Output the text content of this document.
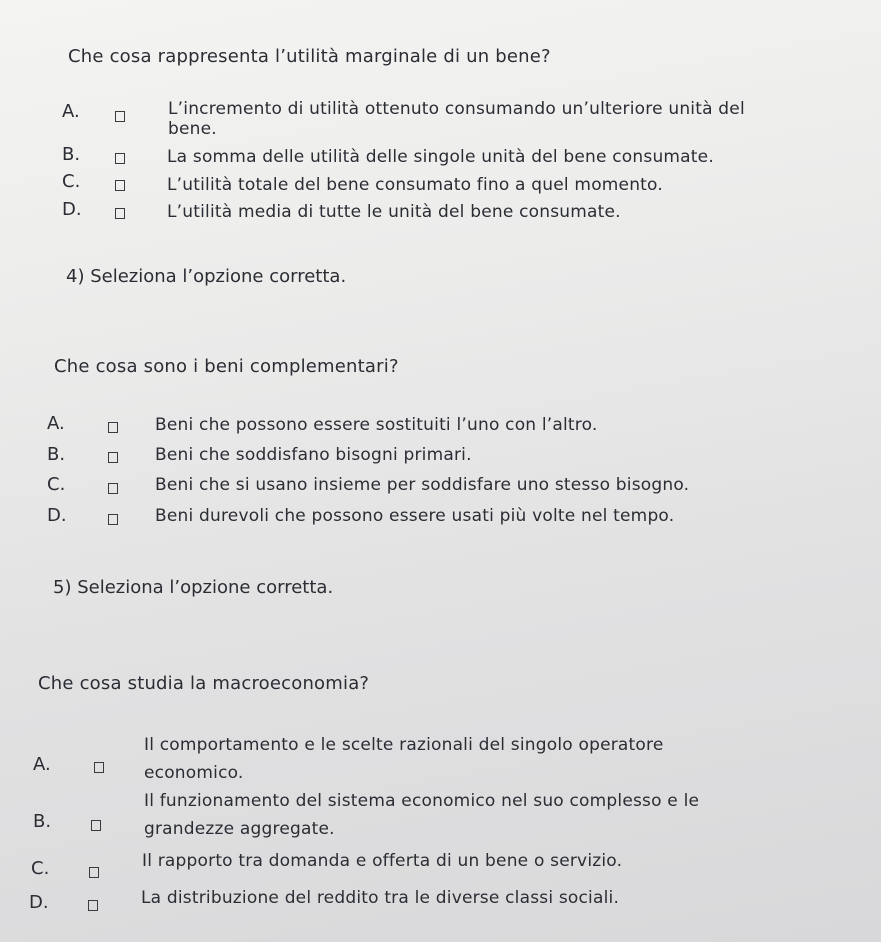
Che cosa rappresenta l’utilità marginale di un bene?
A.	L’incremento di utilità ottenuto consumando un’ulteriore unità del
bene.
B.	La somma delle utilità delle singole unità del bene consumate.
C.	L’utilità totale del bene consumato fino a quel momento.
D.	L’utilità media di tutte le unità del bene consumate.
4) Seleziona l’opzione corretta.
Che cosa sono i beni complementari?
A.	Beni che possono essere sostituiti l’uno con l’altro.
B.	Beni che soddisfano bisogni primari.
C.	Beni che si usano insieme per soddisfare uno stesso bisogno.
D.	Beni durevoli che possono essere usati più volte nel tempo.
5) Seleziona l’opzione corretta.
Che cosa studia la macroeconomia?
A.
Il comportamento e le scelte razionali del singolo operatore
economico.
B.
Il funzionamento del sistema economico nel suo complesso e le
grandezze aggregate.
C.	Il rapporto tra domanda e offerta di un bene o servizio.
D.	La distribuzione del reddito tra le diverse classi sociali.
